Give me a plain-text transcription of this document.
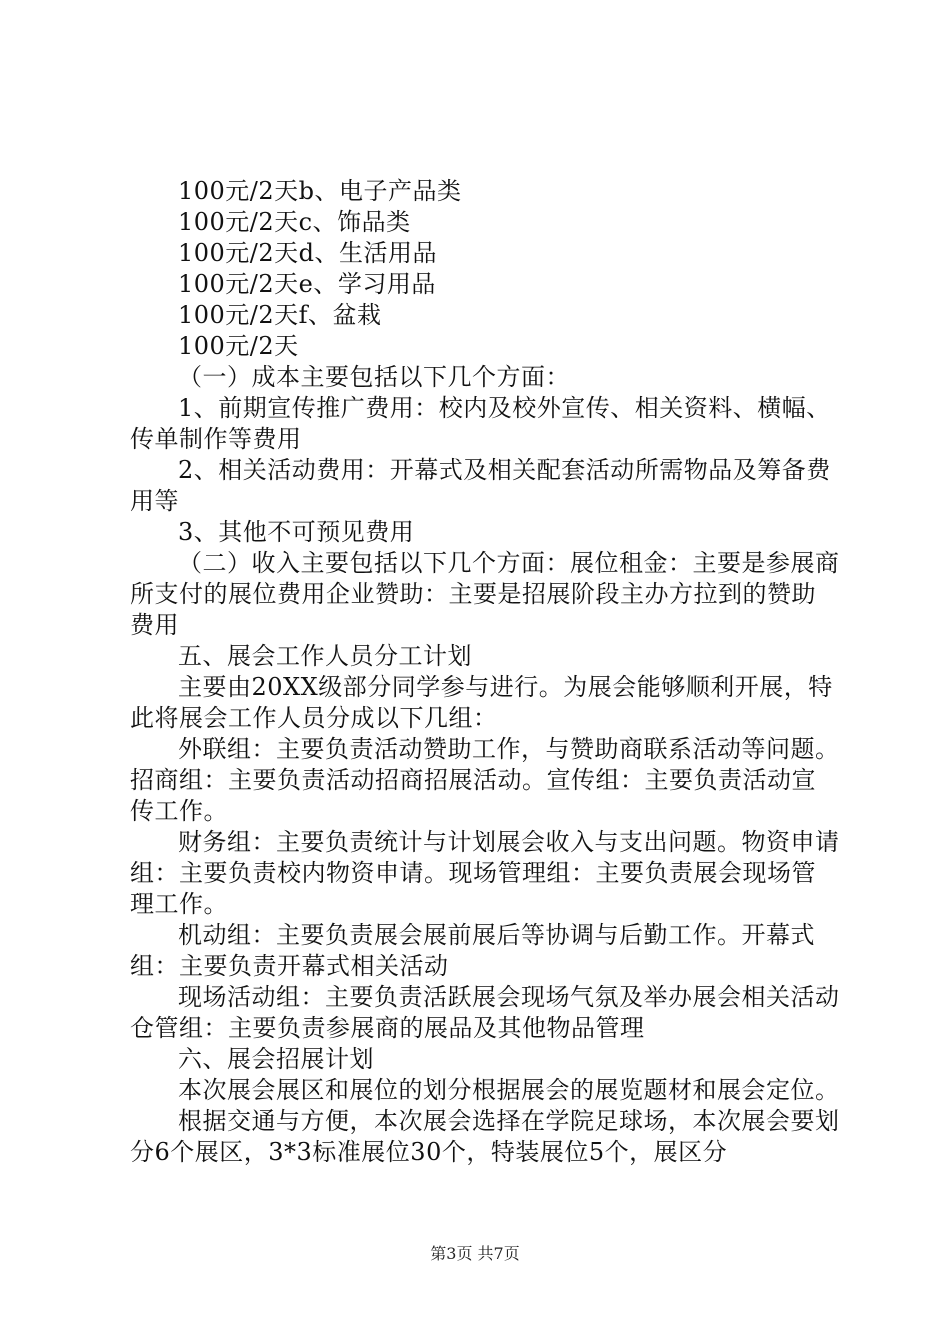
100元/2天b、电子产品类

100元/2天c、饰品类

100元/2天d、生活用品

100元/2天e、学习用品

100元/2天f、盆栽

100元/2天

（一）成本主要包括以下几个方面：

1、前期宣传推广费用：校内及校外宣传、相关资料、横幅、传单制作等费用

2、相关活动费用：开幕式及相关配套活动所需物品及筹备费用等

3、其他不可预见费用

（二）收入主要包括以下几个方面：展位租金：主要是参展商所支付的展位费用企业赞助：主要是招展阶段主办方拉到的赞助费用

五、展会工作人员分工计划

主要由20XX级部分同学参与进行。为展会能够顺利开展，特此将展会工作人员分成以下几组：

外联组：主要负责活动赞助工作，与赞助商联系活动等问题。招商组：主要负责活动招商招展活动。宣传组：主要负责活动宣传工作。

财务组：主要负责统计与计划展会收入与支出问题。物资申请组：主要负责校内物资申请。现场管理组：主要负责展会现场管理工作。

机动组：主要负责展会展前展后等协调与后勤工作。开幕式组：主要负责开幕式相关活动

现场活动组：主要负责活跃展会现场气氛及举办展会相关活动仓管组：主要负责参展商的展品及其他物品管理

六、展会招展计划

本次展会展区和展位的划分根据展会的展览题材和展会定位。

根据交通与方便，本次展会选择在学院足球场，本次展会要划分6个展区，3*3标准展位30个，特装展位5个，展区分

第3页 共7页
